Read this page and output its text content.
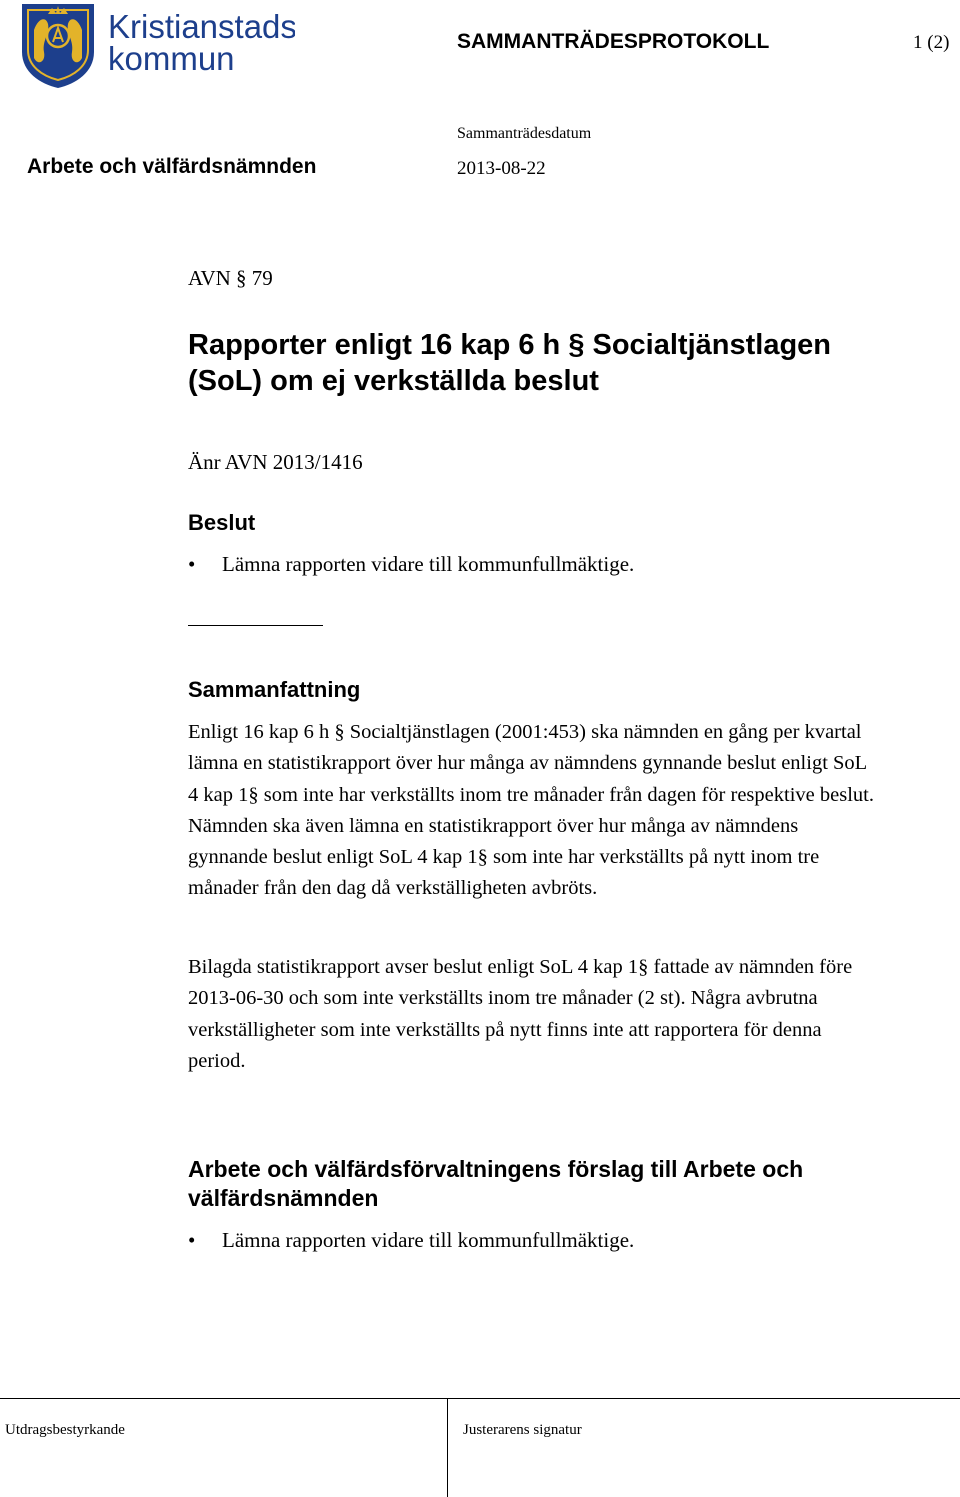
Kristianstads
kommun	SAMMANTRÄDESPROTOKOLL	1 (2)
Sammanträdesdatum
Arbete och välfärdsnämnden	2013-08-22
AVN § 79
Rapporter enligt 16 kap 6 h § Socialtjänstlagen (SoL) om ej verkställda beslut
Änr AVN 2013/1416
Beslut
• Lämna rapporten vidare till kommunfullmäktige.
Sammanfattning
Enligt 16 kap 6 h § Socialtjänstlagen (2001:453) ska nämnden en gång per kvartal lämna en statistikrapport över hur många av nämndens gynnande beslut enligt SoL 4 kap 1§ som inte har verkställts inom tre månader från dagen för respektive beslut. Nämnden ska även lämna en statistikrapport över hur många av nämndens gynnande beslut enligt SoL 4 kap 1§ som inte har verkställts på nytt inom tre månader från den dag då verkställigheten avbröts.
Bilagda statistikrapport avser beslut enligt SoL 4 kap 1§ fattade av nämnden före 2013-06-30 och som inte verkställts inom tre månader (2 st). Några avbrutna verkställigheter som inte verkställts på nytt finns inte att rapportera för denna period.
Arbete och välfärdsförvaltningens förslag till Arbete och välfärdsnämnden
• Lämna rapporten vidare till kommunfullmäktige.
Utdragsbestyrkande	Justerarens signatur
